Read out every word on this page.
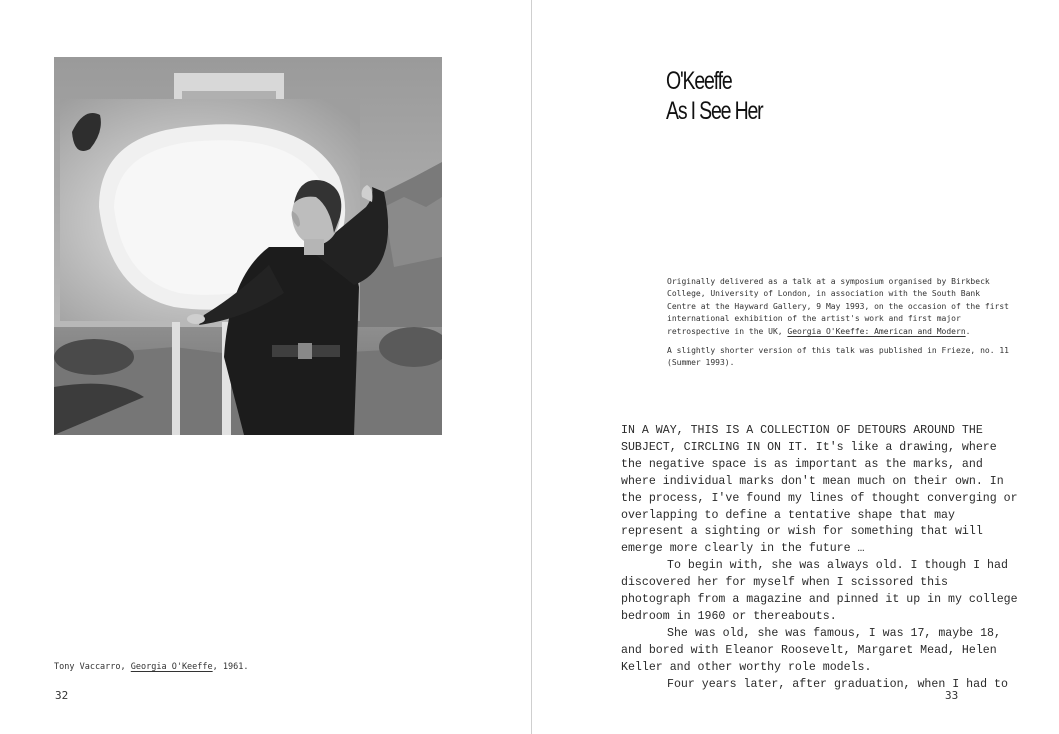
Tony Vaccarro, Georgia O'Keeffe, 1961.
32
O'Keeffe
As I See Her

Originally delivered as a talk at a symposium organised by Birkbeck College, University of London, in association with the South Bank Centre at the Hayward Gallery, 9 May 1993, on the occasion of the first international exhibition of the artist's work and first major retrospective in the UK, Georgia O'Keeffe: American and Modern.

A slightly shorter version of this talk was published in Frieze, no. 11 (Summer 1993).

IN A WAY, THIS IS A COLLECTION OF DETOURS AROUND THE SUBJECT, CIRCLING IN ON IT. It's like a drawing, where the negative space is as important as the marks, and where individual marks don't mean much on their own. In the process, I've found my lines of thought converging or overlapping to define a tentative shape that may represent a sighting or wish for something that will emerge more clearly in the future …

To begin with, she was always old. I though I had discovered her for myself when I scissored this photograph from a magazine and pinned it up in my college bedroom in 1960 or thereabouts.

She was old, she was famous, I was 17, maybe 18, and bored with Eleanor Roosevelt, Margaret Mead, Helen Keller and other worthy role models.

Four years later, after graduation, when I had to

33
